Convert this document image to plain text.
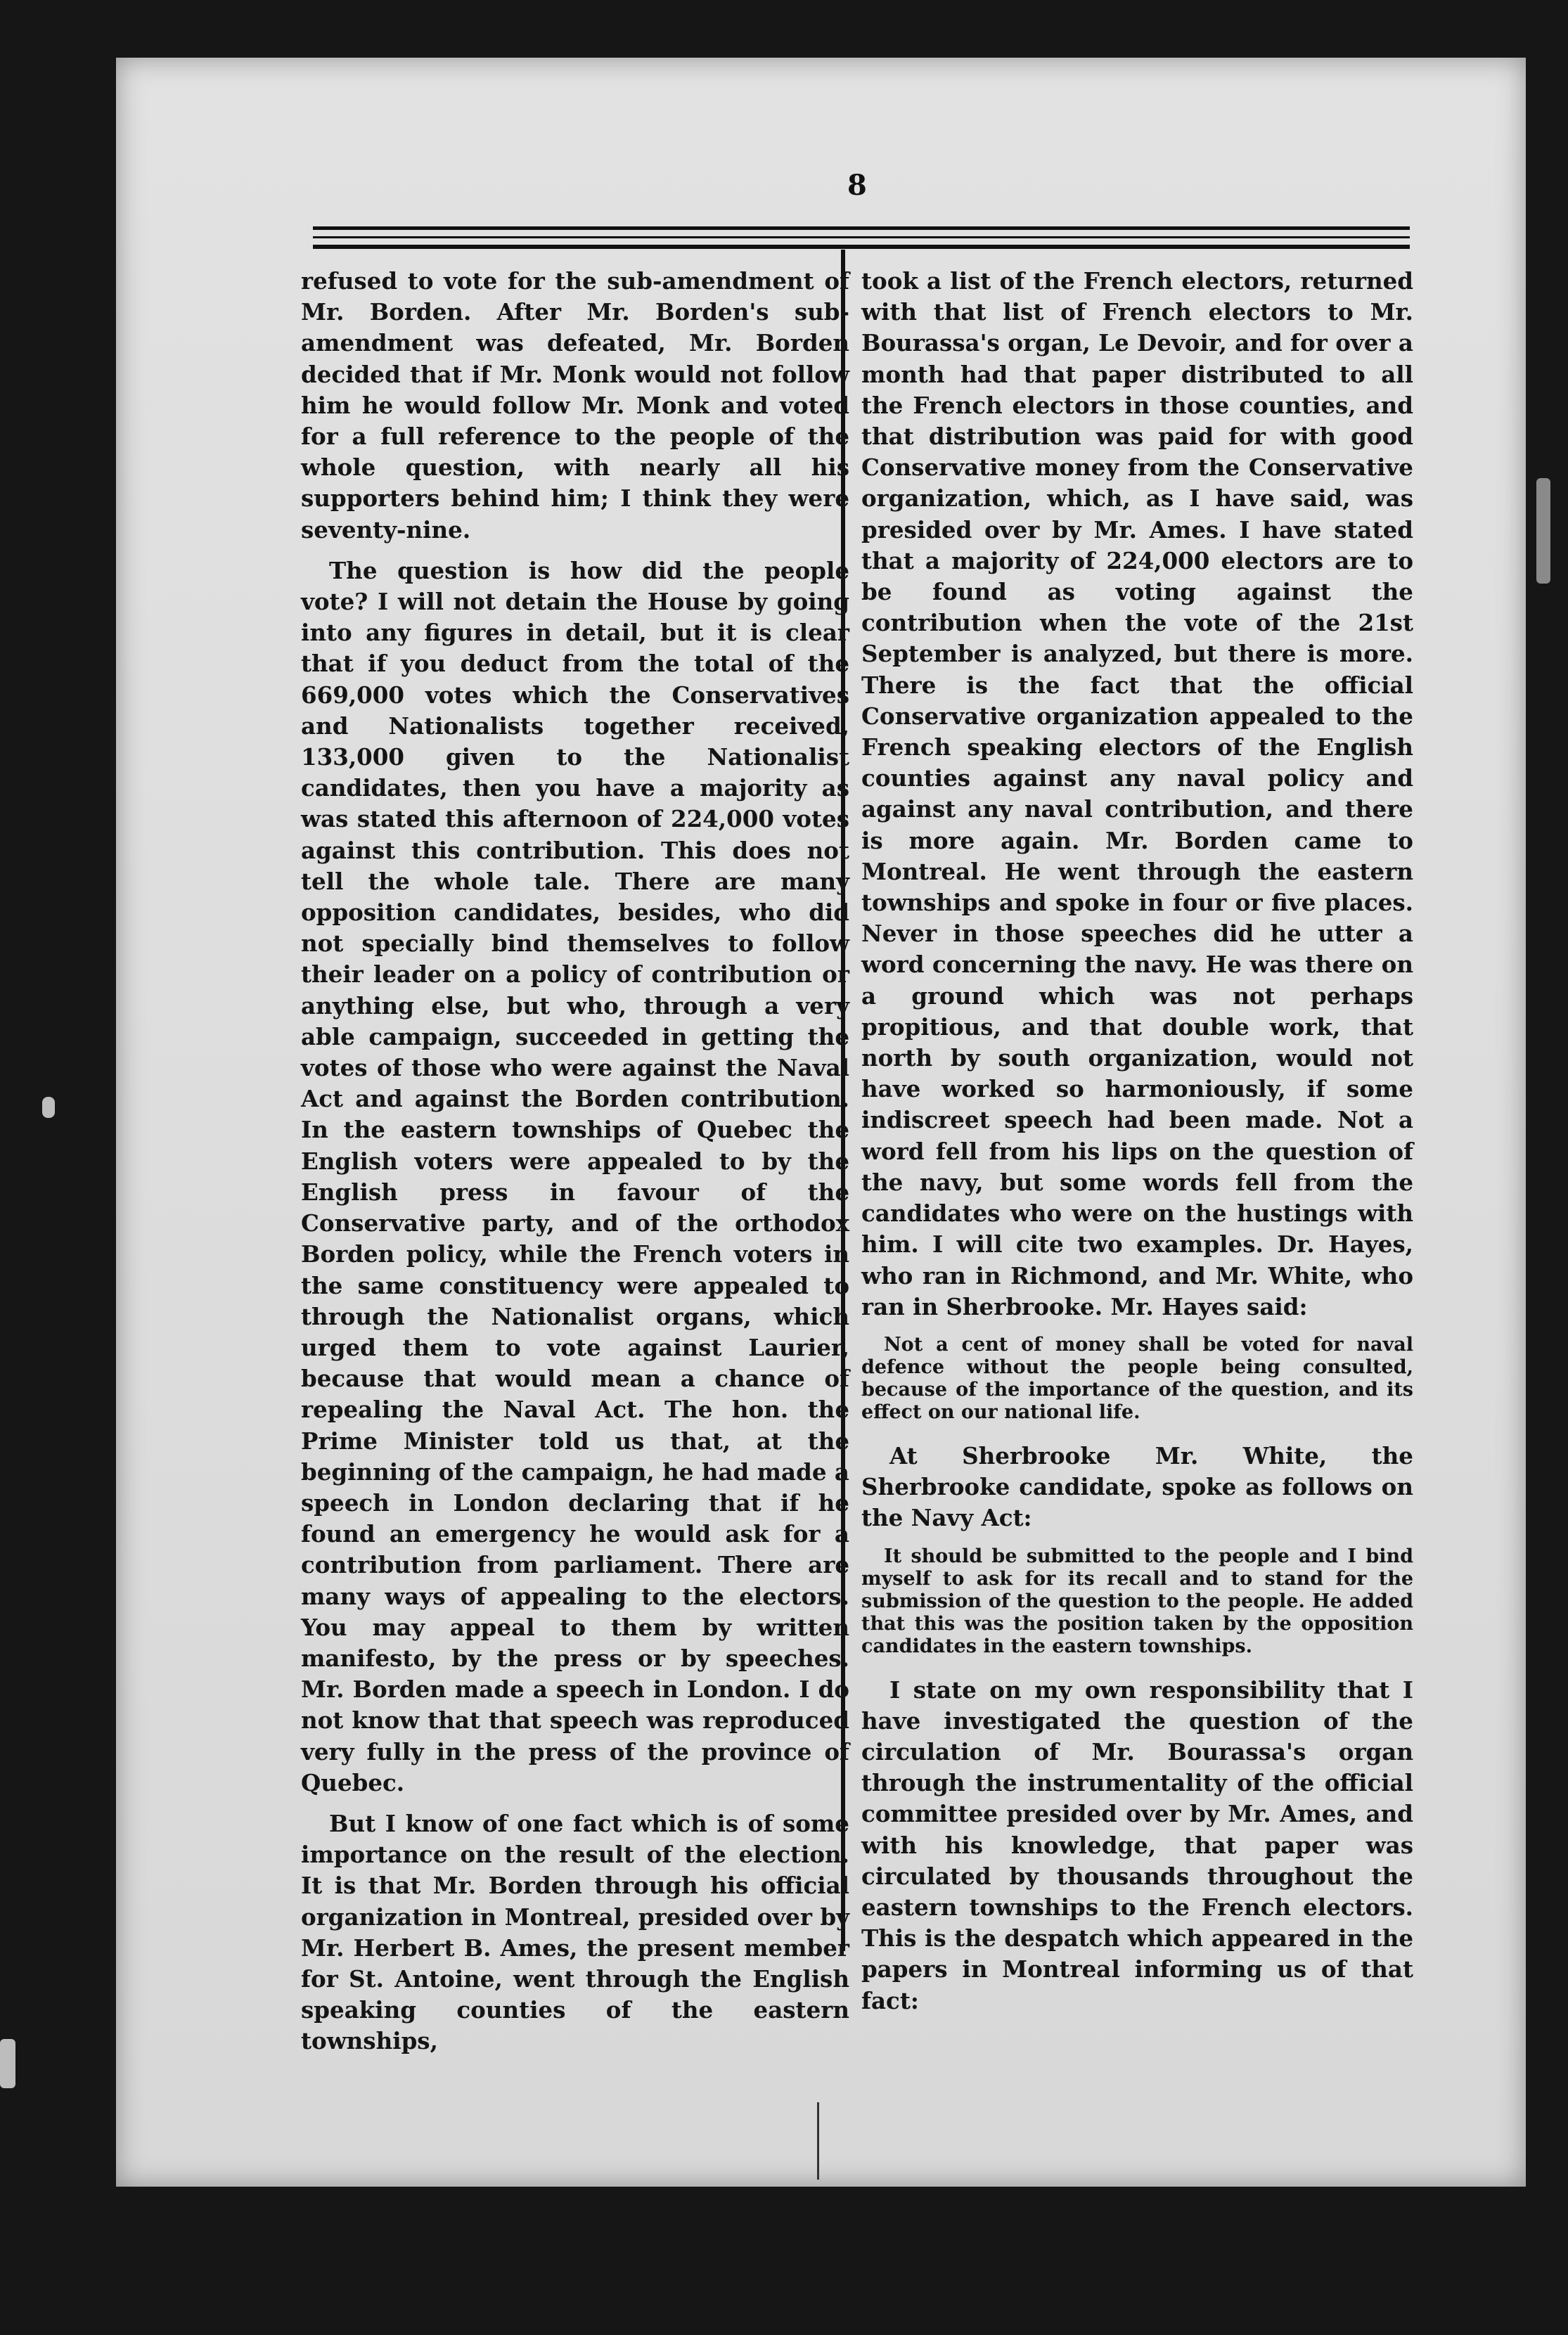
8

refused to vote for the sub-amendment of Mr. Borden. After Mr. Borden's sub-amendment was defeated, Mr. Borden decided that if Mr. Monk would not follow him he would follow Mr. Monk and voted for a full reference to the people of the whole question, with nearly all his supporters behind him; I think they were seventy-nine.

The question is how did the people vote? I will not detain the House by going into any figures in detail, but it is clear that if you deduct from the total of the 669,000 votes which the Conservatives and Nationalists together received, 133,000 given to the Nationalist candidates, then you have a majority as was stated this afternoon of 224,000 votes against this contribution. This does not tell the whole tale. There are many opposition candidates, besides, who did not specially bind themselves to follow their leader on a policy of contribution or anything else, but who, through a very able campaign, succeeded in getting the votes of those who were against the Naval Act and against the Borden contribution. In the eastern townships of Quebec the English voters were appealed to by the English press in favour of the Conservative party, and of the orthodox Borden policy, while the French voters in the same constituency were appealed to through the Nationalist organs, which urged them to vote against Laurier, because that would mean a chance of repealing the Naval Act. The hon. the Prime Minister told us that, at the beginning of the campaign, he had made a speech in London declaring that if he found an emergency he would ask for a contribution from parliament. There are many ways of appealing to the electors. You may appeal to them by written manifesto, by the press or by speeches. Mr. Borden made a speech in London. I do not know that that speech was reproduced very fully in the press of the province of Quebec.

But I know of one fact which is of some importance on the result of the election. It is that Mr. Borden through his official organization in Montreal, presided over by Mr. Herbert B. Ames, the present member for St. Antoine, went through the English speaking counties of the eastern townships,

took a list of the French electors, returned with that list of French electors to Mr. Bourassa's organ, Le Devoir, and for over a month had that paper distributed to all the French electors in those counties, and that distribution was paid for with good Conservative money from the Conservative organization, which, as I have said, was presided over by Mr. Ames. I have stated that a majority of 224,000 electors are to be found as voting against the contribution when the vote of the 21st September is analyzed, but there is more. There is the fact that the official Conservative organization appealed to the French speaking electors of the English counties against any naval policy and against any naval contribution, and there is more again. Mr. Borden came to Montreal. He went through the eastern townships and spoke in four or five places. Never in those speeches did he utter a word concerning the navy. He was there on a ground which was not perhaps propitious, and that double work, that north by south organization, would not have worked so harmoniously, if some indiscreet speech had been made. Not a word fell from his lips on the question of the navy, but some words fell from the candidates who were on the hustings with him. I will cite two examples. Dr. Hayes, who ran in Richmond, and Mr. White, who ran in Sherbrooke. Mr. Hayes said:

Not a cent of money shall be voted for naval defence without the people being consulted, because of the importance of the question, and its effect on our national life.

At Sherbrooke Mr. White, the Sherbrooke candidate, spoke as follows on the Navy Act:

It should be submitted to the people and I bind myself to ask for its recall and to stand for the submission of the question to the people. He added that this was the position taken by the opposition candidates in the eastern townships.

I state on my own responsibility that I have investigated the question of the circulation of Mr. Bourassa's organ through the instrumentality of the official committee presided over by Mr. Ames, and with his knowledge, that paper was circulated by thousands throughout the eastern townships to the French electors. This is the despatch which appeared in the papers in Montreal informing us of that fact:
